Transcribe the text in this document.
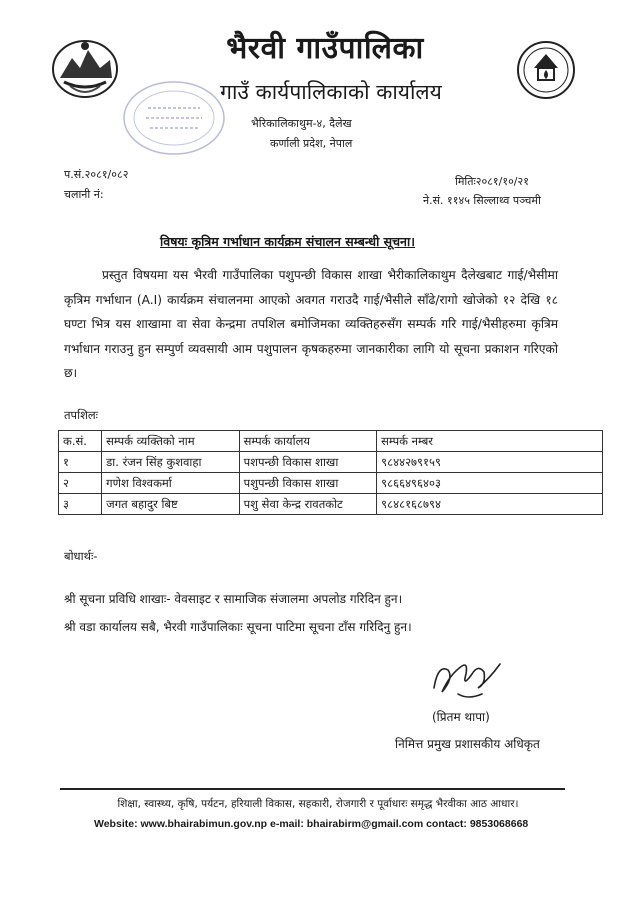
भैरवी गाउँपालिका
गाउँ कार्यपालिकाको कार्यालय
भैरिकालिकाथुम-४, दैलेख
कर्णाली प्रदेश, नेपाल
प.सं.२०८१/०८२
चलानी नं:
मितिः२०८१/१०/२१
ने.सं. ११४५ सिल्लाथ्व पञ्चमी
विषयः कृत्रिम गर्भाधान कार्यक्रम संचालन सम्बन्धी सूचना।
प्रस्तुत विषयमा यस भैरवी गाउँपालिका पशुपन्छी विकास शाखा भैरीकालिकाथुम दैलेखबाट गाई/भैसीमा कृत्रिम गर्भाधान (A.I) कार्यक्रम संचालनमा आएको अवगत गराउदै गाई/भैसीले साँढे/रागो खोजेको १२ देखि १८ घण्टा भित्र यस शाखामा वा सेवा केन्द्रमा तपशिल बमोजिमका व्यक्तिहरुसँग सम्पर्क गरि गाई/भैसीहरुमा कृत्रिम गर्भाधान गराउनु हुन सम्पुर्ण व्यवसायी आम पशुपालन कृषकहरुमा जानकारीका लागि यो सूचना प्रकाशन गरिएको छ।
तपशिलः
क.सं.	सम्पर्क व्यक्तिको नाम	सम्पर्क कार्यालय	सम्पर्क नम्बर
१	डा. रंजन सिंह कुशवाहा	पशपन्छी विकास शाखा	९८४४२७९१५९
२	गणेश विश्वकर्मा	पशुपन्छी विकास शाखा	९८६६४९६४०३
३	जगत बहादुर बिष्ट	पशु सेवा केन्द्र रावतकोट	९८४८१६८७९४
बोधार्थः-
श्री सूचना प्रविधि शाखाः- वेवसाइट र सामाजिक संजालमा अपलोड गरिदिन हुन।
श्री वडा कार्यालय सबै, भैरवी गाउँपालिकाः सूचना पाटिमा सूचना टाँस गरिदिनु हुन।
(प्रितम थापा)
निमित्त प्रमुख प्रशासकीय अधिकृत
शिक्षा, स्वास्थ्य, कृषि, पर्यटन, हरियाली विकास, सहकारी, रोजगारी र पूर्वाधारः समृद्ध भैरवीका आठ आधार।
Website: www.bhairabimun.gov.np e-mail: bhairabirm@gmail.com contact: 9853068668
